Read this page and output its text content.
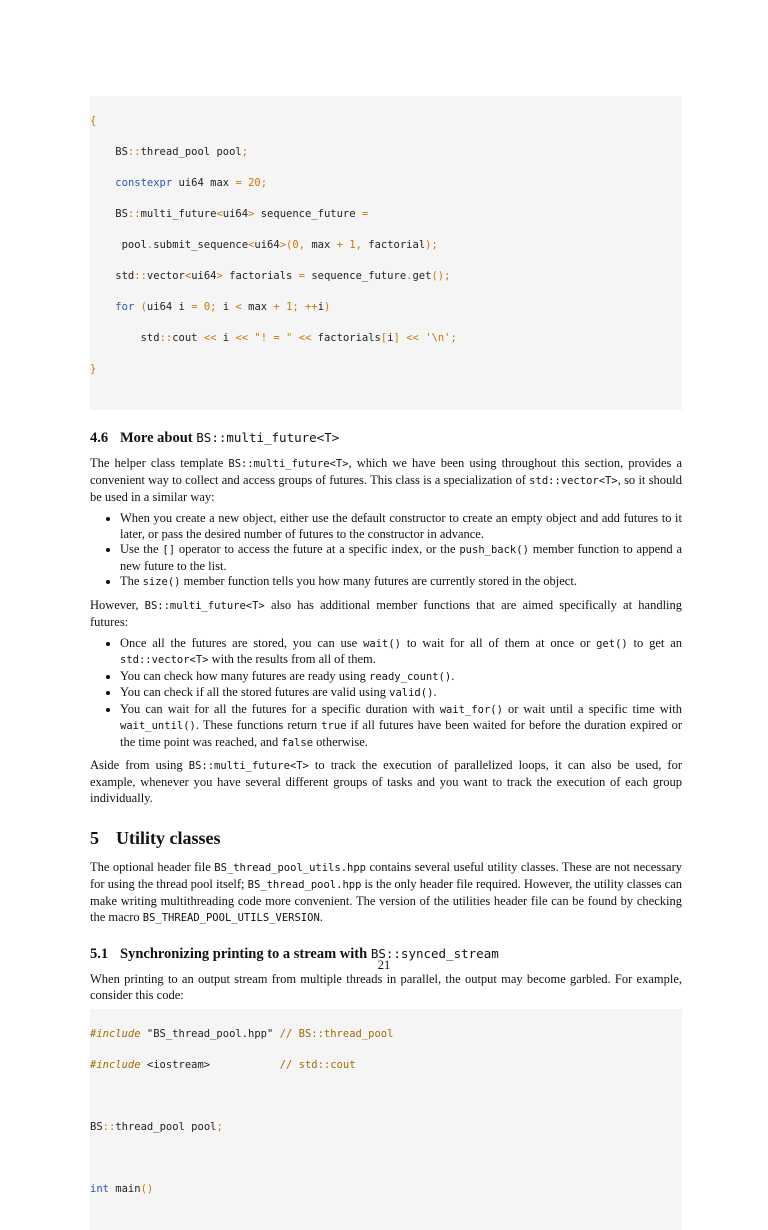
{

BS::thread_pool pool;

constexpr ui64 max = 20;

BS::multi_future<ui64> sequence_future =

pool.submit_sequence<ui64>(0, max + 1, factorial);

std::vector<ui64> factorials = sequence_future.get();

for (ui64 i = 0; i < max + 1; ++i)

std::cout << i << "! = " << factorials[i] << '\n';

}

4.6 More about BS::multi_future<T>

The helper class template BS::multi_future<T>, which we have been using throughout this section, provides a convenient way to collect and access groups of futures. This class is a specialization of std::vector<T>, so it should be used in a similar way:

• When you create a new object, either use the default constructor to create an empty object and add futures to it later, or pass the desired number of futures to the constructor in advance.
• Use the [] operator to access the future at a specific index, or the push_back() member function to append a new future to the list.
• The size() member function tells you how many futures are currently stored in the object.

However, BS::multi_future<T> also has additional member functions that are aimed specifically at handling futures:

• Once all the futures are stored, you can use wait() to wait for all of them at once or get() to get an std::vector<T> with the results from all of them.
• You can check how many futures are ready using ready_count().
• You can check if all the stored futures are valid using valid().
• You can wait for all the futures for a specific duration with wait_for() or wait until a specific time with wait_until(). These functions return true if all futures have been waited for before the duration expired or the time point was reached, and false otherwise.

Aside from using BS::multi_future<T> to track the execution of parallelized loops, it can also be used, for example, whenever you have several different groups of tasks and you want to track the execution of each group individually.

5 Utility classes

The optional header file BS_thread_pool_utils.hpp contains several useful utility classes. These are not necessary for using the thread pool itself; BS_thread_pool.hpp is the only header file required. However, the utility classes can make writing multithreading code more convenient. The version of the utilities header file can be found by checking the macro BS_THREAD_POOL_UTILS_VERSION.

5.1 Synchronizing printing to a stream with BS::synced_stream

When printing to an output stream from multiple threads in parallel, the output may become garbled. For example, consider this code:

#include "BS_thread_pool.hpp" // BS::thread_pool

#include <iostream>           // std::cout

BS::thread_pool pool;

int main()

21
